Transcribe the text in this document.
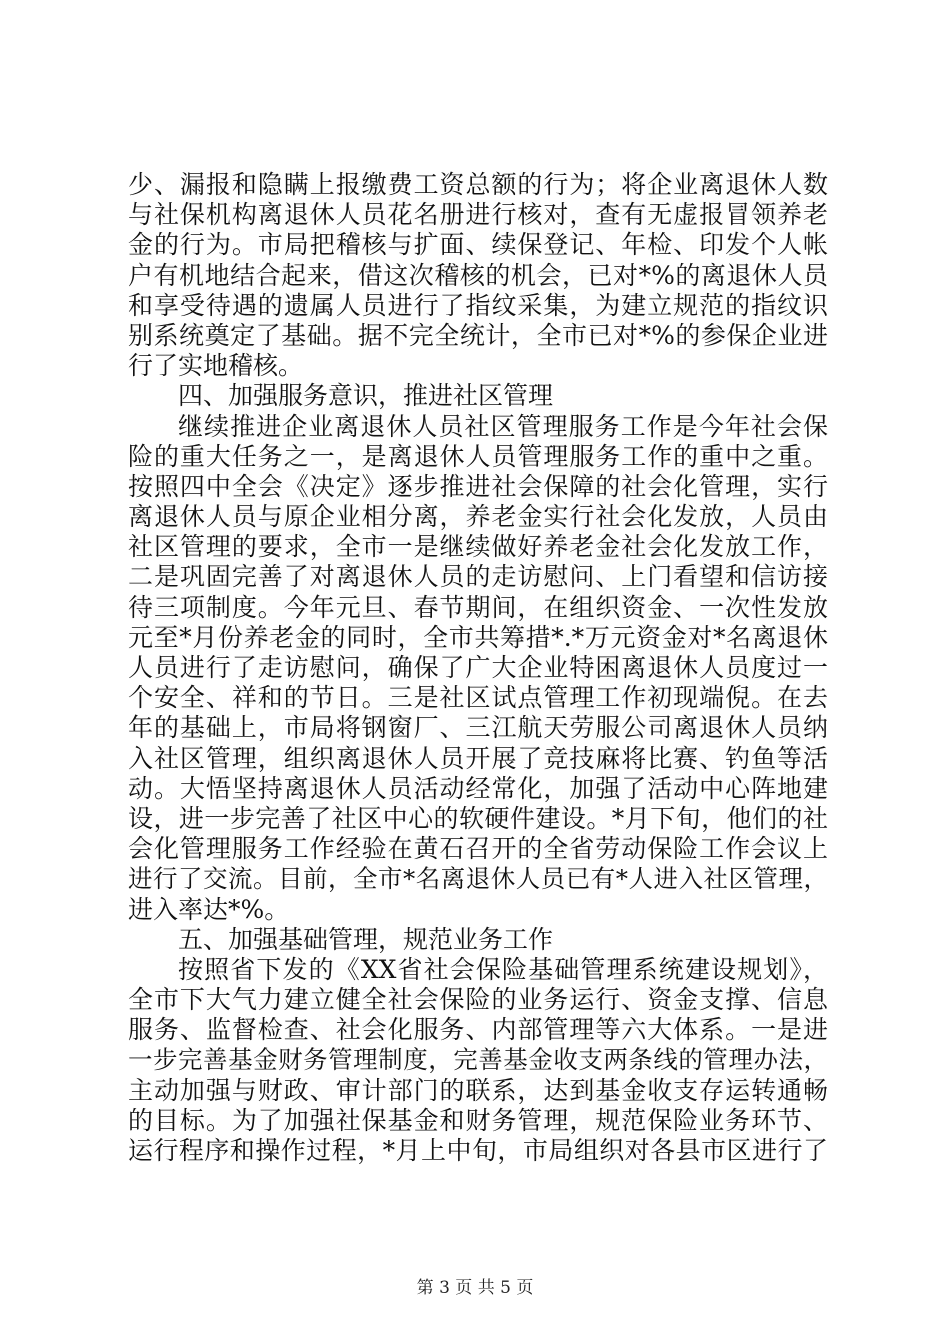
少、漏报和隐瞒上报缴费工资总额的行为；将企业离退休人数
与社保机构离退休人员花名册进行核对，查有无虚报冒领养老
金的行为。市局把稽核与扩面、续保登记、年检、印发个人帐
户有机地结合起来，借这次稽核的机会，已对*%的离退休人员
和享受待遇的遗属人员进行了指纹采集，为建立规范的指纹识
别系统奠定了基础。据不完全统计，全市已对*%的参保企业进
行了实地稽核。
四、加强服务意识，推进社区管理
继续推进企业离退休人员社区管理服务工作是今年社会保
险的重大任务之一，是离退休人员管理服务工作的重中之重。
按照四中全会《决定》逐步推进社会保障的社会化管理，实行
离退休人员与原企业相分离，养老金实行社会化发放，人员由
社区管理的要求，全市一是继续做好养老金社会化发放工作，
二是巩固完善了对离退休人员的走访慰问、上门看望和信访接
待三项制度。今年元旦、春节期间，在组织资金、一次性发放
元至*月份养老金的同时，全市共筹措*.*万元资金对*名离退休
人员进行了走访慰问，确保了广大企业特困离退休人员度过一
个安全、祥和的节日。三是社区试点管理工作初现端倪。在去
年的基础上，市局将钢窗厂、三江航天劳服公司离退休人员纳
入社区管理，组织离退休人员开展了竞技麻将比赛、钓鱼等活
动。大悟坚持离退休人员活动经常化，加强了活动中心阵地建
设，进一步完善了社区中心的软硬件建设。*月下旬，他们的社
会化管理服务工作经验在黄石召开的全省劳动保险工作会议上
进行了交流。目前，全市*名离退休人员已有*人进入社区管理，
进入率达*%。
五、加强基础管理，规范业务工作
按照省下发的《XX省社会保险基础管理系统建设规划》，
全市下大气力建立健全社会保险的业务运行、资金支撑、信息
服务、监督检查、社会化服务、内部管理等六大体系。一是进
一步完善基金财务管理制度，完善基金收支两条线的管理办法，
主动加强与财政、审计部门的联系，达到基金收支存运转通畅
的目标。为了加强社保基金和财务管理，规范保险业务环节、
运行程序和操作过程，*月上中旬，市局组织对各县市区进行了
第 3 页 共 5 页
